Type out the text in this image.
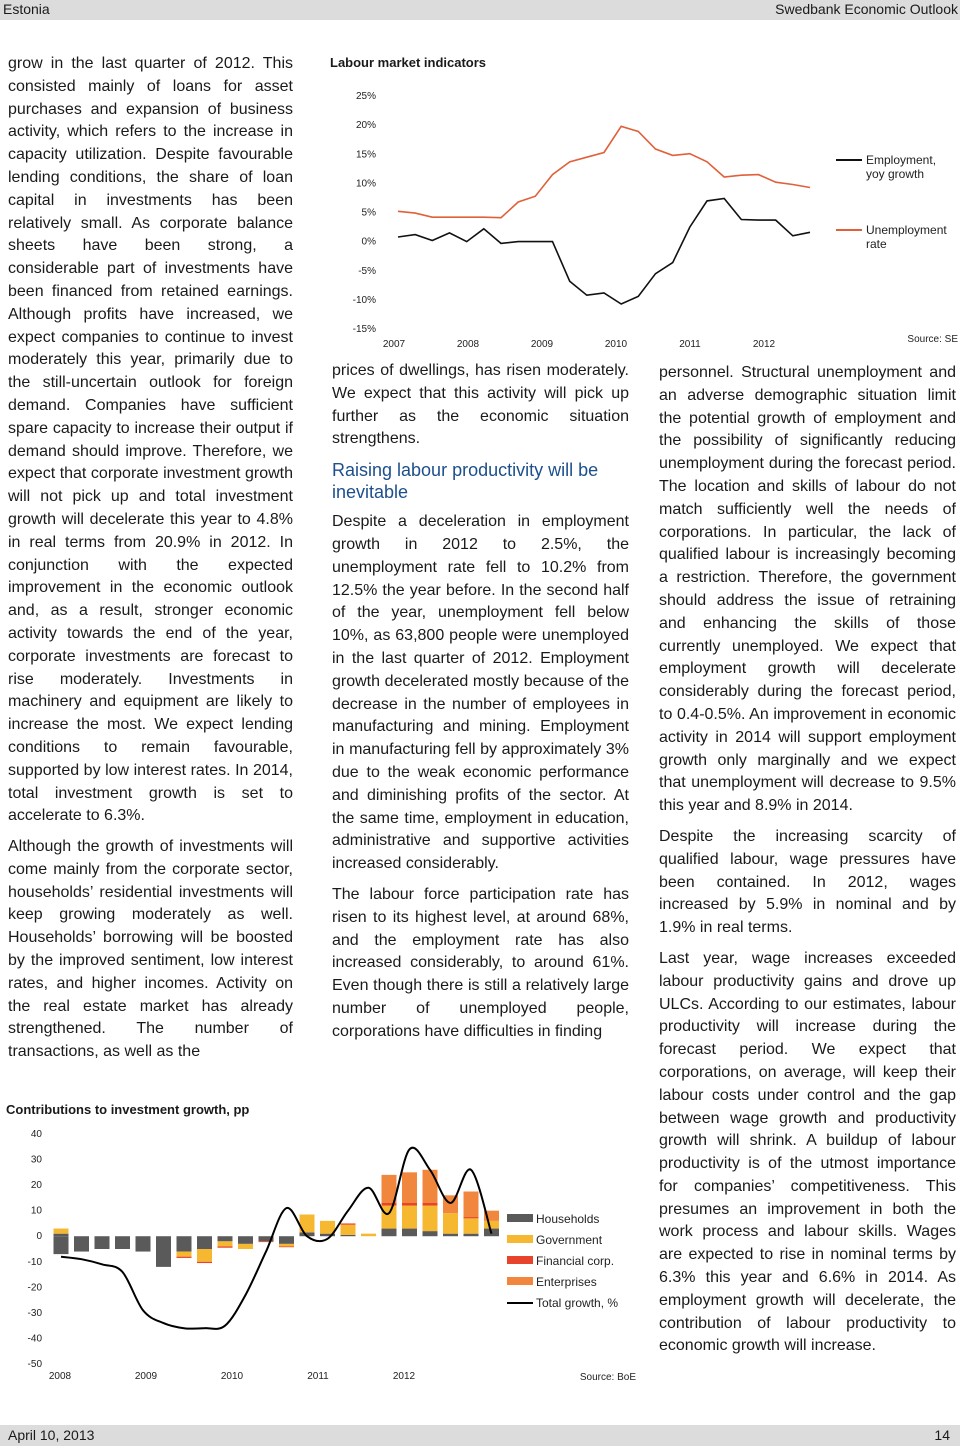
Estonia	Swedbank Economic Outlook

grow in the last quarter of 2012. This consisted mainly of loans for asset purchases and expansion of business activity, which refers to the increase in capacity utilization. Despite favourable lending conditions, the share of loan capital in investments has been relatively small. As corporate balance sheets have been strong, a considerable part of investments have been financed from retained earnings. Although profits have increased, we expect companies to continue to invest moderately this year, primarily due to the still-uncertain outlook for foreign demand. Companies have sufficient spare capacity to increase their output if demand should improve. Therefore, we expect that corporate investment growth will not pick up and total investment growth will decelerate this year to 4.8% in real terms from 20.9% in 2012. In conjunction with the expected improvement in the economic outlook and, as a result, stronger economic activity towards the end of the year, corporate investments are forecast to rise moderately. Investments in machinery and equipment are likely to increase the most. We expect lending conditions to remain favourable, supported by low interest rates. In 2014, total investment growth is set to accelerate to 6.3%.

Although the growth of investments will come mainly from the corporate sector, households’ residential investments will keep growing moderately as well. Households’ borrowing will be boosted by the improved sentiment, low interest rates, and higher incomes. Activity on the real estate market has already strengthened. The number of transactions, as well as the

Labour market indicators
25%
20%
15%
10%
5%
0%
-5%
-10%
-15%
2007	2008	2009	2010	2011	2012
Employment, yoy growth
Unemployment rate
Source: SE

prices of dwellings, has risen moderately. We expect that this activity will pick up further as the economic situation strengthens.

Raising labour productivity will be inevitable

Despite a deceleration in employment growth in 2012 to 2.5%, the unemployment rate fell to 10.2% from 12.5% the year before. In the second half of the year, unemployment fell below 10%, as 63,800 people were unemployed in the last quarter of 2012. Employment growth decelerated mostly because of the decrease in the number of employees in manufacturing and mining. Employment in manufacturing fell by approximately 3% due to the weak economic performance and diminishing profits of the sector. At the same time, employment in education, administrative and supportive activities increased considerably.

The labour force participation rate has risen to its highest level, at around 68%, and the employment rate has also increased considerably, to around 61%. Even though there is still a relatively large number of unemployed people, corporations have difficulties in finding

personnel. Structural unemployment and an adverse demographic situation limit the potential growth of employment and the possibility of significantly reducing unemployment during the forecast period. The location and skills of labour do not match sufficiently well the needs of corporations. In particular, the lack of qualified labour is increasingly becoming a restriction. Therefore, the government should address the issue of retraining and enhancing the skills of those currently unemployed. We expect that employment growth will decelerate considerably during the forecast period, to 0.4-0.5%. An improvement in economic activity in 2014 will support employment growth only marginally and we expect that unemployment will decrease to 9.5% this year and 8.9% in 2014.

Despite the increasing scarcity of qualified labour, wage pressures have been contained. In 2012, wages increased by 5.9% in nominal and by 1.9% in real terms.

Last year, wage increases exceeded labour productivity gains and drove up ULCs. According to our estimates, labour productivity will increase during the forecast period. We expect that corporations, on average, will keep their labour costs under control and the gap between wage growth and productivity growth will shrink. A buildup of labour productivity is of the utmost importance for companies’ competitiveness. This presumes an improvement in both the work process and labour skills. Wages are expected to rise in nominal terms by 6.3% this year and 6.6% in 2014. As employment growth will decelerate, the contribution of labour productivity to economic growth will increase.

Contributions to investment growth, pp
40
30
20
10
0
-10
-20
-30
-40
-50
2008	2009	2010	2011	2012
Households
Government
Financial corp.
Enterprises
Total growth, %
Source: BoE
April 10, 2013	14
